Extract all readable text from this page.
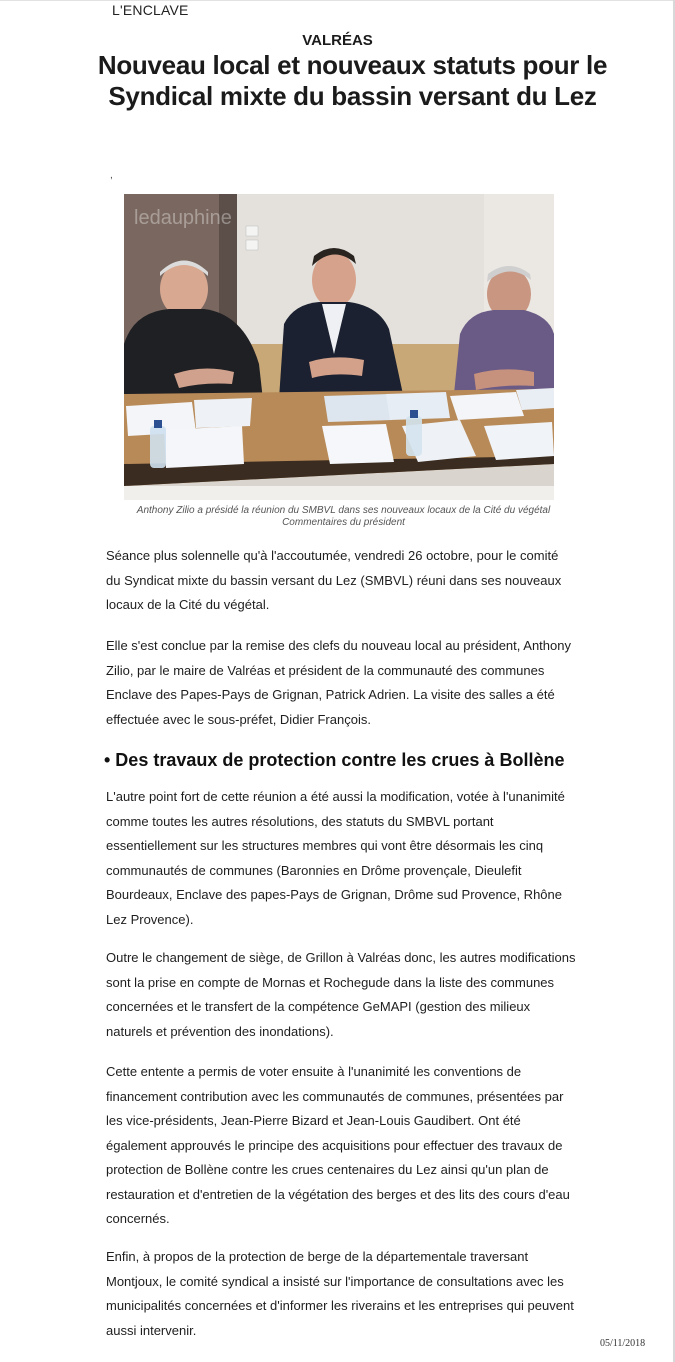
L'ENCLAVE
VALRÉAS
Nouveau local et nouveaux statuts pour le Syndical mixte du bassin versant du Lez
,
ledauphine
Anthony Zilio a présidé la réunion du SMBVL dans ses nouveaux locaux de la Cité du végétal
Commentaires du président

Séance plus solennelle qu'à l'accoutumée, vendredi 26 octobre, pour le comité du Syndicat mixte du bassin versant du Lez (SMBVL) réuni dans ses nouveaux locaux de la Cité du végétal.

Elle s'est conclue par la remise des clefs du nouveau local au président, Anthony Zilio, par le maire de Valréas et président de la communauté des communes Enclave des Papes-Pays de Grignan, Patrick Adrien. La visite des salles a été effectuée avec le sous-préfet, Didier François.

• Des travaux de protection contre les crues à Bollène

L'autre point fort de cette réunion a été aussi la modification, votée à l'unanimité comme toutes les autres résolutions, des statuts du SMBVL portant essentiellement sur les structures membres qui vont être désormais les cinq communautés de communes (Baronnies en Drôme provençale, Dieulefit Bourdeaux, Enclave des papes-Pays de Grignan, Drôme sud Provence, Rhône Lez Provence).

Outre le changement de siège, de Grillon à Valréas donc, les autres modifications sont la prise en compte de Mornas et Rochegude dans la liste des communes concernées et le transfert de la compétence GeMAPI (gestion des milieux naturels et prévention des inondations).

Cette entente a permis de voter ensuite à l'unanimité les conventions de financement contribution avec les communautés de communes, présentées par les vice-présidents, Jean-Pierre Bizard et Jean-Louis Gaudibert. Ont été également approuvés le principe des acquisitions pour effectuer des travaux de protection de Bollène contre les crues centenaires du Lez ainsi qu'un plan de restauration et d'entretien de la végétation des berges et des lits des cours d'eau concernés.

Enfin, à propos de la protection de berge de la départementale traversant Montjoux, le comité syndical a insisté sur l'importance de consultations avec les municipalités concernées et d'informer les riverains et les entreprises qui peuvent aussi intervenir.

05/11/2018
